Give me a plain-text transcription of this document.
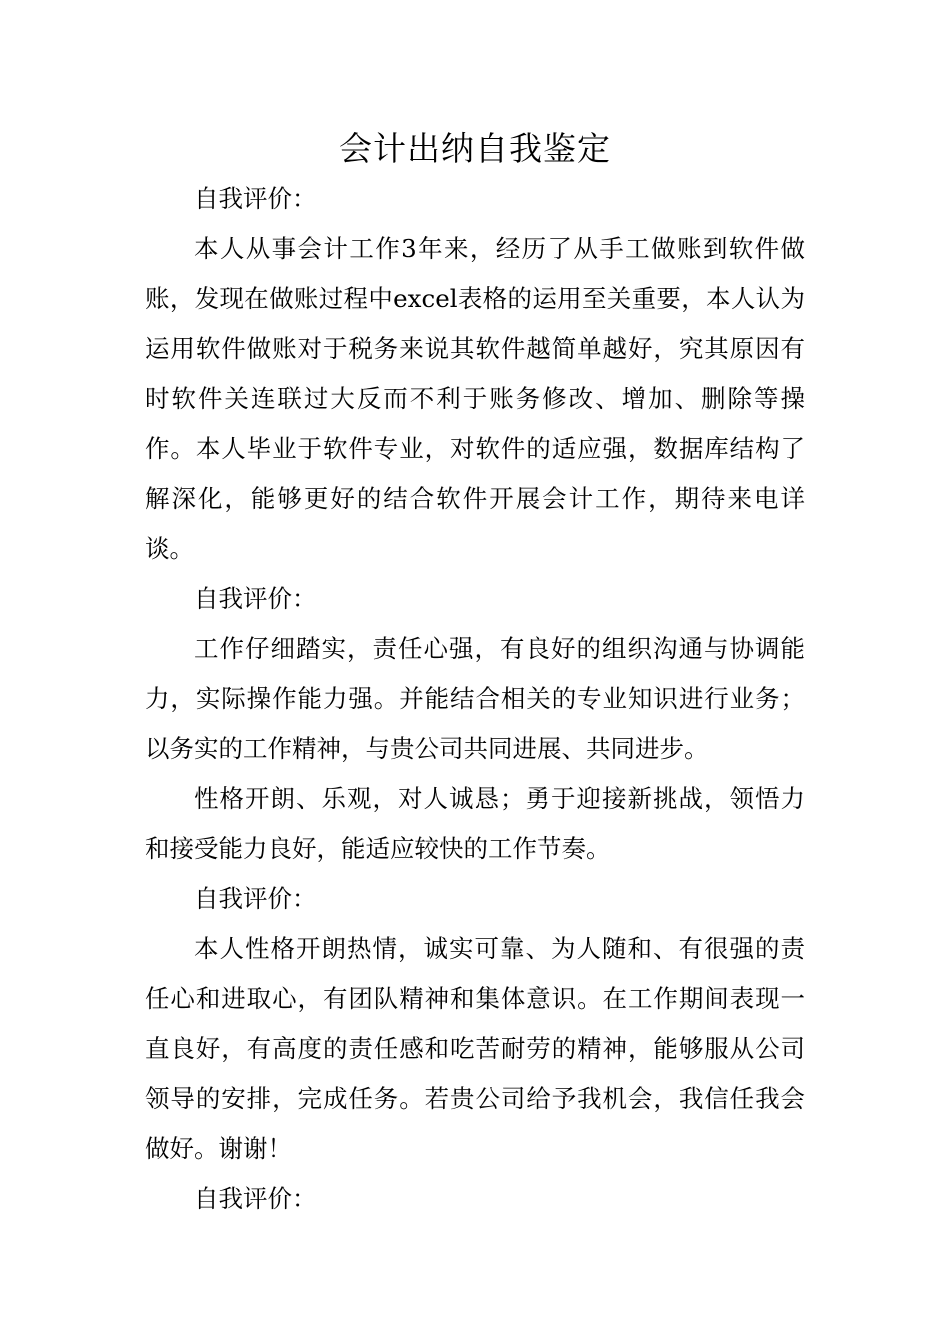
会计出纳自我鉴定

自我评价：

本人从事会计工作3年来，经历了从手工做账到软件做账，发现在做账过程中excel表格的运用至关重要，本人认为运用软件做账对于税务来说其软件越简单越好，究其原因有时软件关连联过大反而不利于账务修改、增加、删除等操作。本人毕业于软件专业，对软件的适应强，数据库结构了解深化，能够更好的结合软件开展会计工作，期待来电详谈。

自我评价：

工作仔细踏实，责任心强，有良好的组织沟通与协调能力，实际操作能力强。并能结合相关的专业知识进行业务；以务实的工作精神，与贵公司共同进展、共同进步。

性格开朗、乐观，对人诚恳；勇于迎接新挑战，领悟力和接受能力良好，能适应较快的工作节奏。

自我评价：

本人性格开朗热情，诚实可靠、为人随和、有很强的责任心和进取心，有团队精神和集体意识。在工作期间表现一直良好，有高度的责任感和吃苦耐劳的精神，能够服从公司领导的安排，完成任务。若贵公司给予我机会，我信任我会做好。谢谢！

自我评价：
